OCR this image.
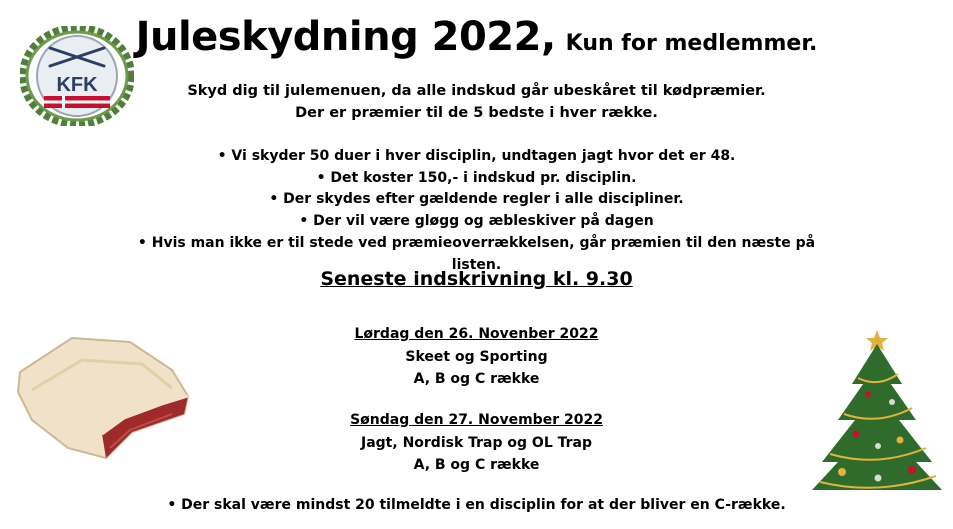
KFK
Juleskydning 2022, Kun for medlemmer.
Skyd dig til julemenuen, da alle indskud går ubeskåret til kødpræmier.
Der er præmier til de 5 bedste i hver række.
• Vi skyder 50 duer i hver disciplin, undtagen jagt hvor det er 48.
• Det koster 150,- i indskud pr. disciplin.
• Der skydes efter gældende regler i alle discipliner.
• Der vil være gløgg og æbleskiver på dagen
• Hvis man ikke er til stede ved præmieoverrækkelsen, går præmien til den næste på listen.
Seneste indskrivning kl. 9.30
Lørdag den 26. Novenber 2022
Skeet og Sporting
A, B og C række
Søndag den 27. November 2022
Jagt, Nordisk Trap og OL Trap
A, B og C række
• Der skal være mindst 20 tilmeldte i en disciplin for at der bliver en C-række.
